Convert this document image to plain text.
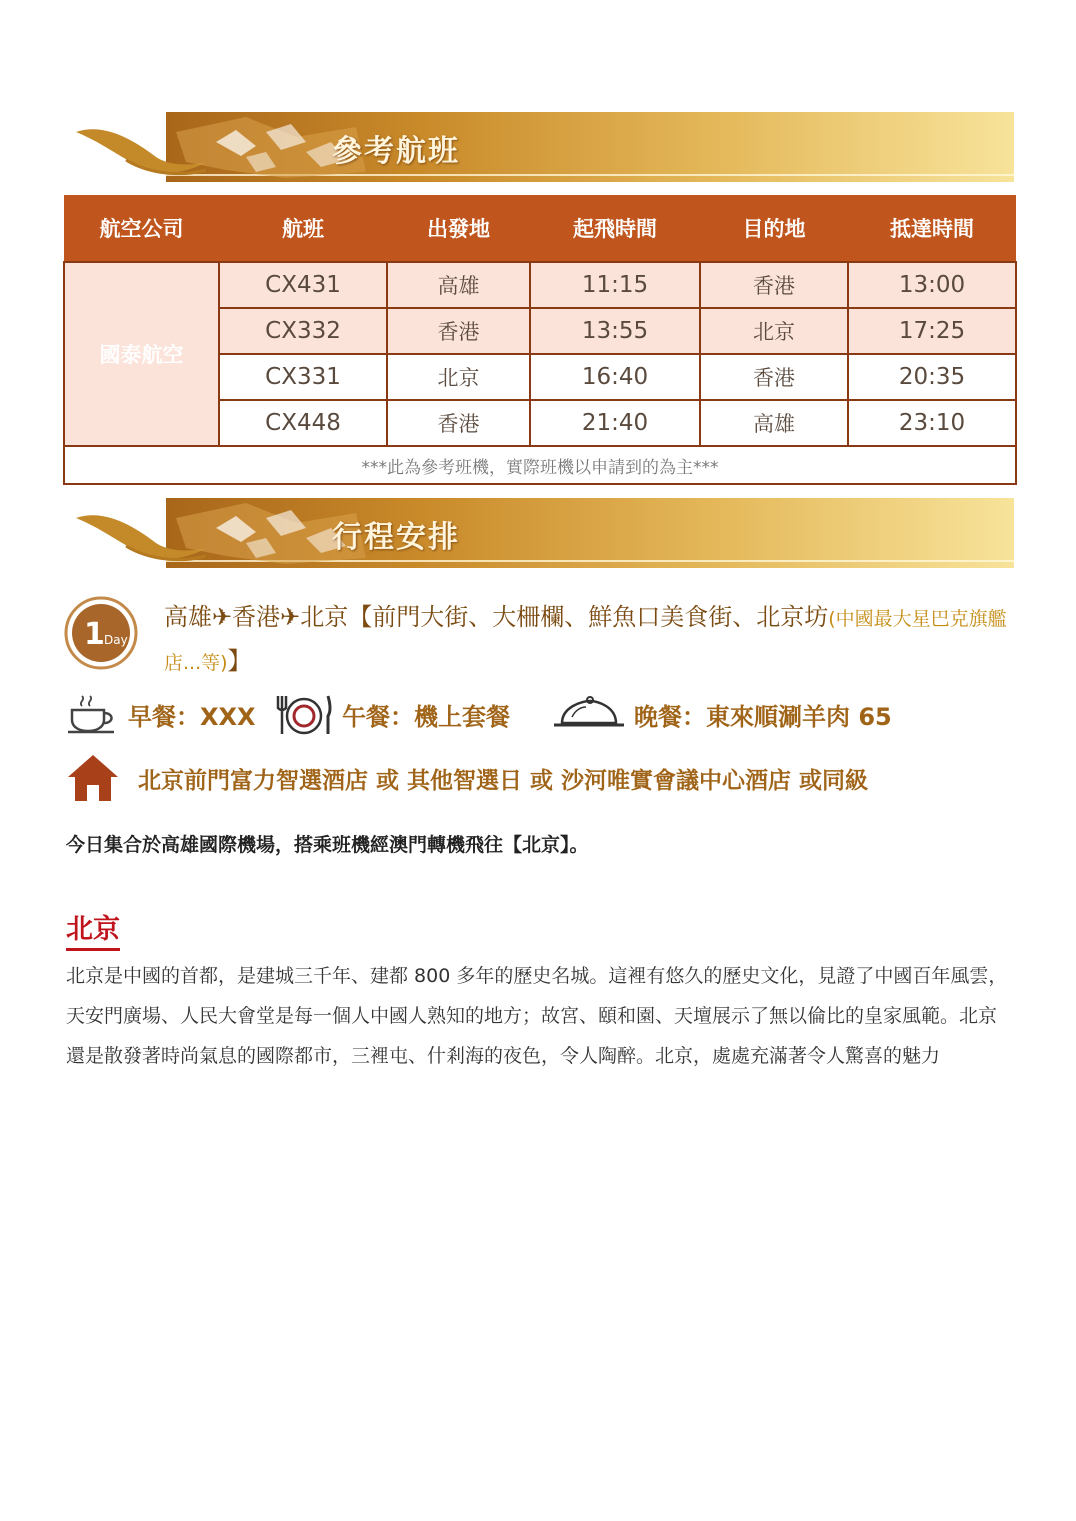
參考航班
航空公司	航班	出發地	起飛時間	目的地	抵達時間
國泰航空	CX431	高雄	11:15	香港	13:00
	CX332	香港	13:55	北京	17:25
	CX331	北京	16:40	香港	20:35
	CX448	香港	21:40	高雄	23:10
***此為參考班機，實際班機以申請到的為主***					
行程安排
1 Day
高雄✈香港✈北京【前門大街、大柵欄、鮮魚口美食街、北京坊(中國最大星巴克旗艦店...等)】
早餐：XXX	午餐：機上套餐	晚餐：東來順涮羊肉 65
北京前門富力智選酒店 或 其他智選日 或 沙河唯實會議中心酒店 或同級
今日集合於高雄國際機場，搭乘班機經澳門轉機飛往【北京】。
北京
北京是中國的首都，是建城三千年、建都 800 多年的歷史名城。這裡有悠久的歷史文化，見證了中國百年風雲，天安門廣場、人民大會堂是每一個人中國人熟知的地方；故宮、頤和園、天壇展示了無以倫比的皇家風範。北京還是散發著時尚氣息的國際都市，三裡屯、什剎海的夜色，令人陶醉。北京，處處充滿著令人驚喜的魅力
